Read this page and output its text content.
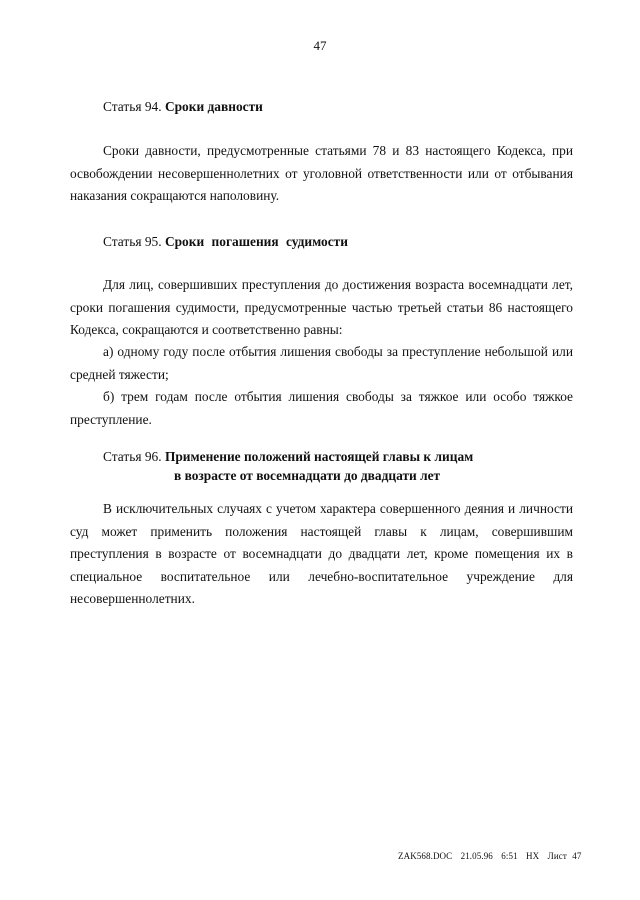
47

Статья 94. Сроки давности

Сроки давности, предусмотренные статьями 78 и 83 настоящего Кодекса, при освобождении несовершеннолетних от уголовной ответственности или от отбывания наказания сокращаются наполовину.

Статья 95. Сроки погашения судимости

Для лиц, совершивших преступления до достижения возраста восемнадцати лет, сроки погашения судимости, предусмотренные частью третьей статьи 86 настоящего Кодекса, сокращаются и соответственно равны:

а) одному году после отбытия лишения свободы за преступление небольшой или средней тяжести;

б) трем годам после отбытия лишения свободы за тяжкое или особо тяжкое преступление.

Статья 96. Применение положений настоящей главы к лицам
в возрасте от восемнадцати до двадцати лет

В исключительных случаях с учетом характера совершенного деяния и личности суд может применить положения настоящей главы к лицам, совершившим преступления в возрасте от восемнадцати до двадцати лет, кроме помещения их в специальное воспитательное или лечебно-воспитательное учреждение для несовершеннолетних.

ZAK568.DOC 21.05.96 6:51 НХ Лист 47
